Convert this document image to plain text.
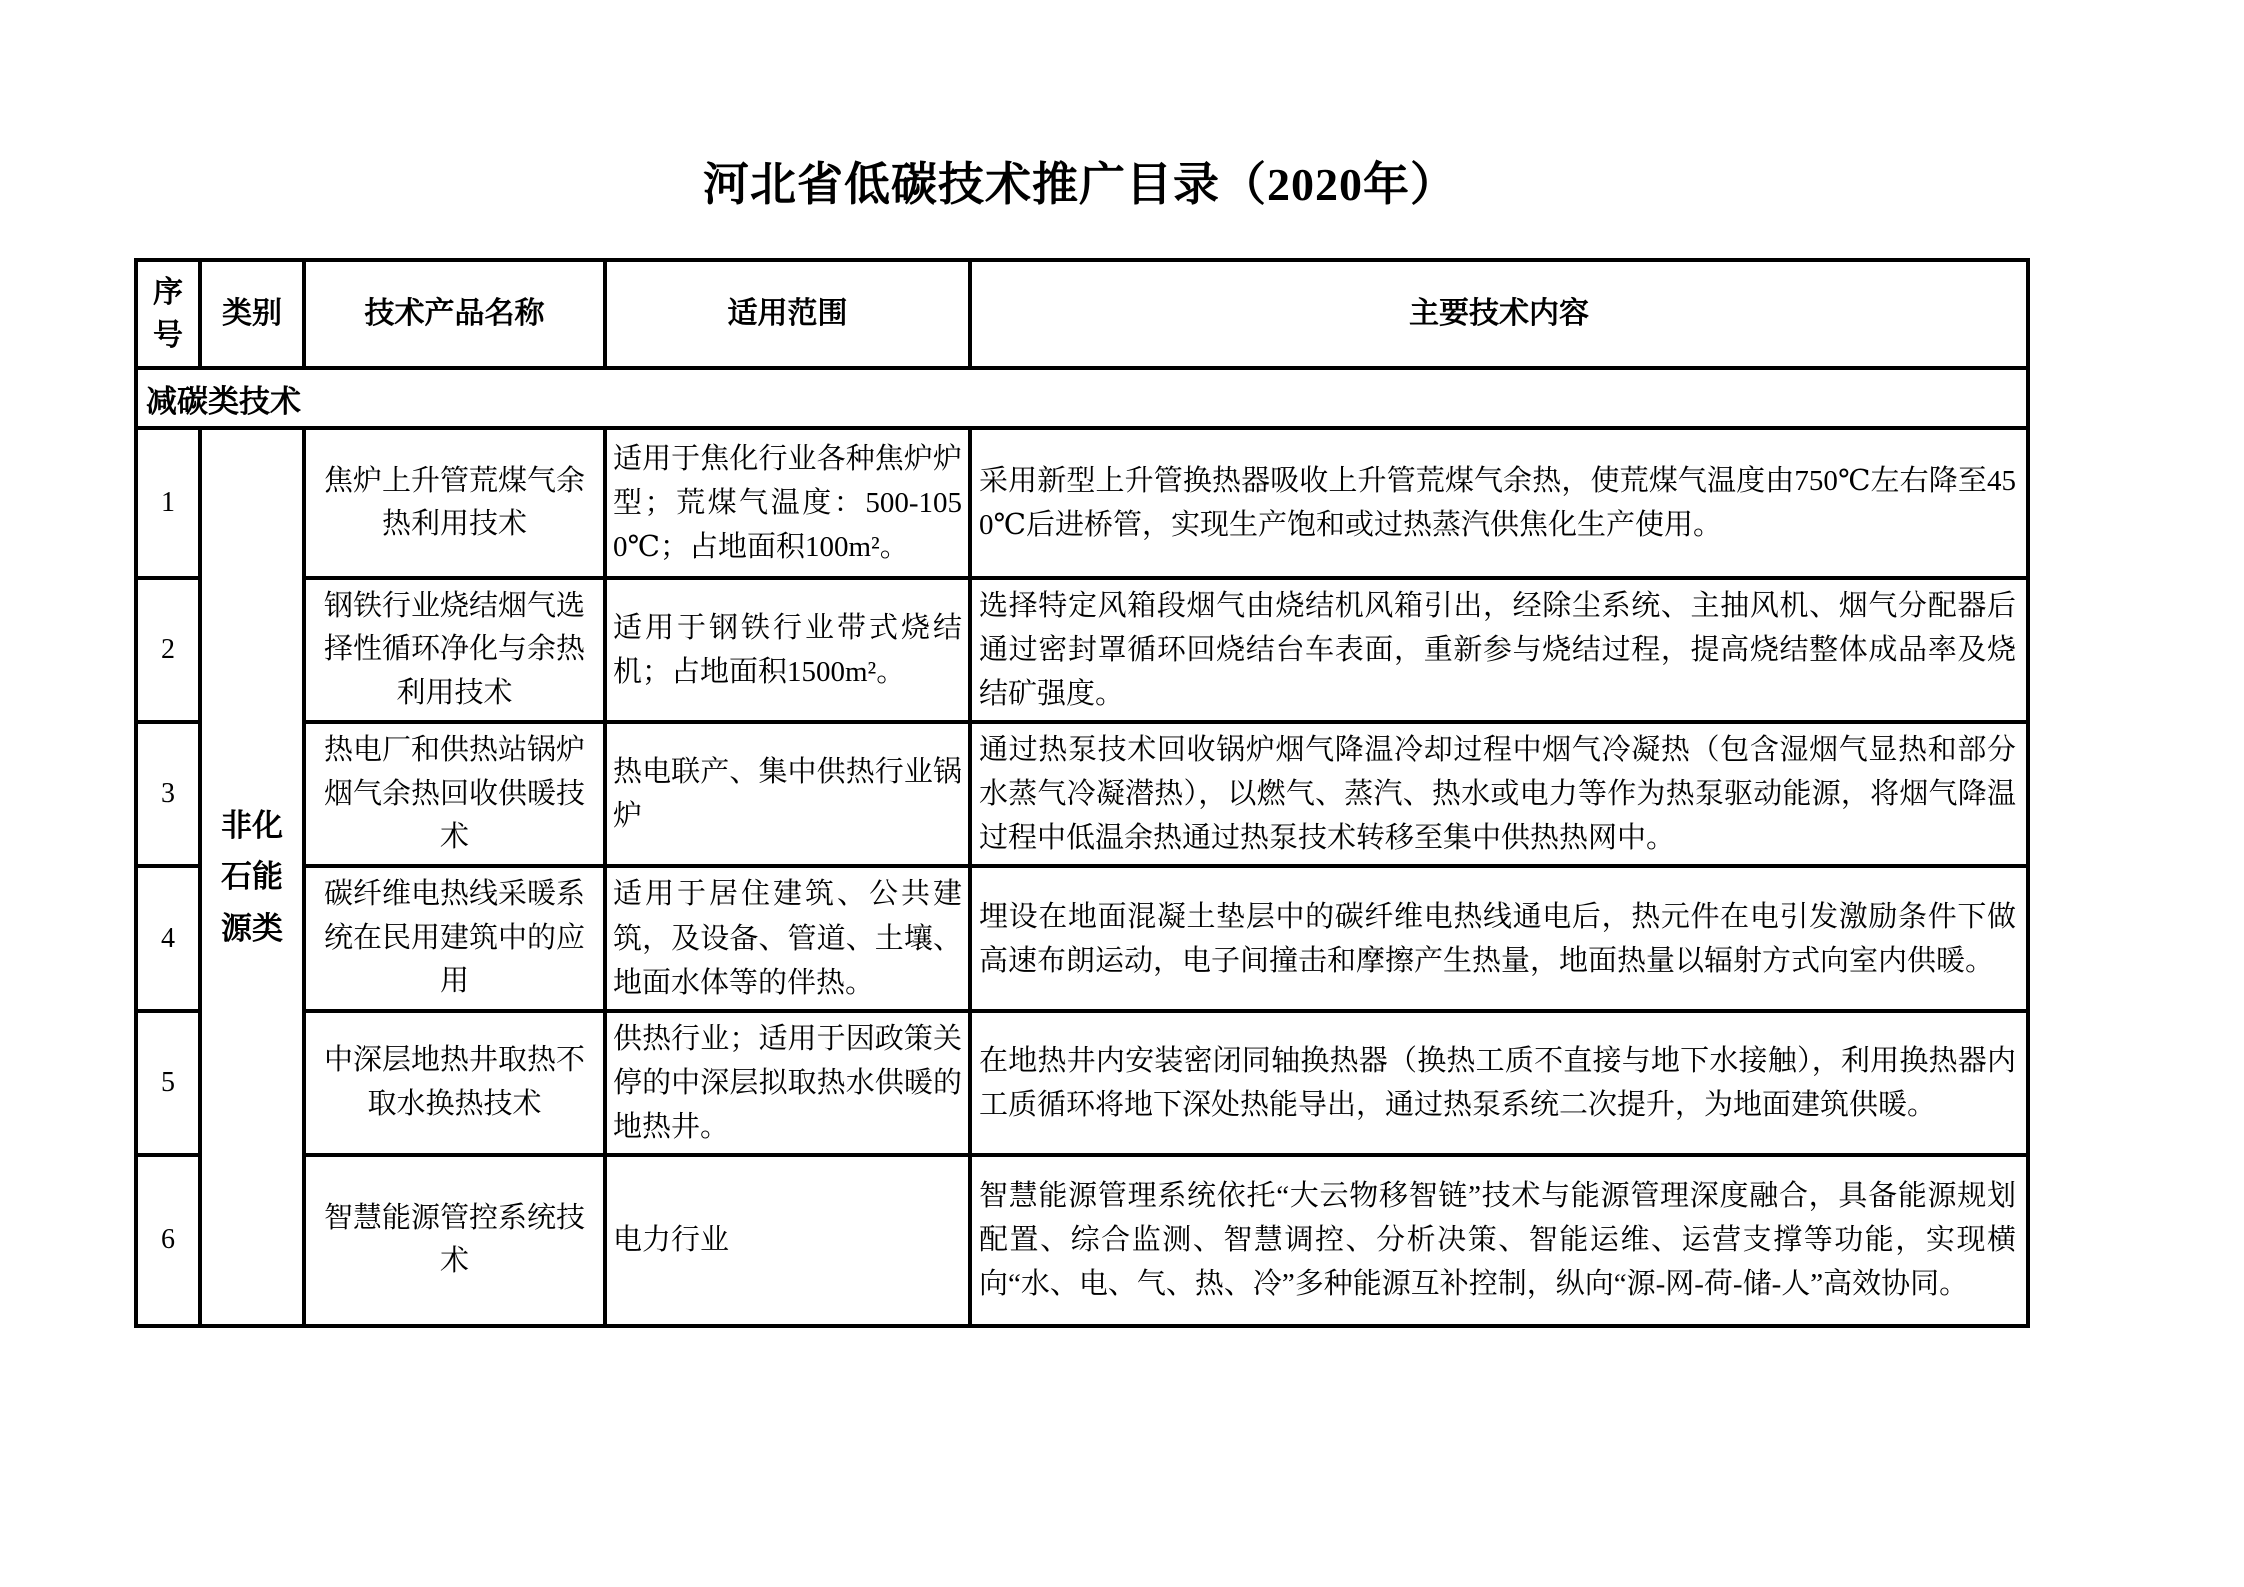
河北省低碳技术推广目录（2020年）
序号	类别	技术产品名称	适用范围	主要技术内容
减碳类技术				
1	非化石能源类	焦炉上升管荒煤气余热利用技术	适用于焦化行业各种焦炉炉型；荒煤气温度：500-1050℃；占地面积100m²。	采用新型上升管换热器吸收上升管荒煤气余热，使荒煤气温度由750℃左右降至450℃后进桥管，实现生产饱和或过热蒸汽供焦化生产使用。
2		钢铁行业烧结烟气选择性循环净化与余热利用技术	适用于钢铁行业带式烧结机；占地面积1500m²。	选择特定风箱段烟气由烧结机风箱引出，经除尘系统、主抽风机、烟气分配器后通过密封罩循环回烧结台车表面，重新参与烧结过程，提高烧结整体成品率及烧结矿强度。
3		热电厂和供热站锅炉烟气余热回收供暖技术	热电联产、集中供热行业锅炉	通过热泵技术回收锅炉烟气降温冷却过程中烟气冷凝热（包含湿烟气显热和部分水蒸气冷凝潜热），以燃气、蒸汽、热水或电力等作为热泵驱动能源，将烟气降温过程中低温余热通过热泵技术转移至集中供热热网中。
4		碳纤维电热线采暖系统在民用建筑中的应用	适用于居住建筑、公共建筑，及设备、管道、土壤、地面水体等的伴热。	埋设在地面混凝土垫层中的碳纤维电热线通电后，热元件在电引发激励条件下做高速布朗运动，电子间撞击和摩擦产生热量，地面热量以辐射方式向室内供暖。
5		中深层地热井取热不取水换热技术	供热行业；适用于因政策关停的中深层拟取热水供暖的地热井。	在地热井内安装密闭同轴换热器（换热工质不直接与地下水接触），利用换热器内工质循环将地下深处热能导出，通过热泵系统二次提升，为地面建筑供暖。
6		智慧能源管控系统技术	电力行业	智慧能源管理系统依托“大云物移智链”技术与能源管理深度融合，具备能源规划配置、综合监测、智慧调控、分析决策、智能运维、运营支撑等功能，实现横向“水、电、气、热、冷”多种能源互补控制，纵向“源-网-荷-储-人”高效协同。
